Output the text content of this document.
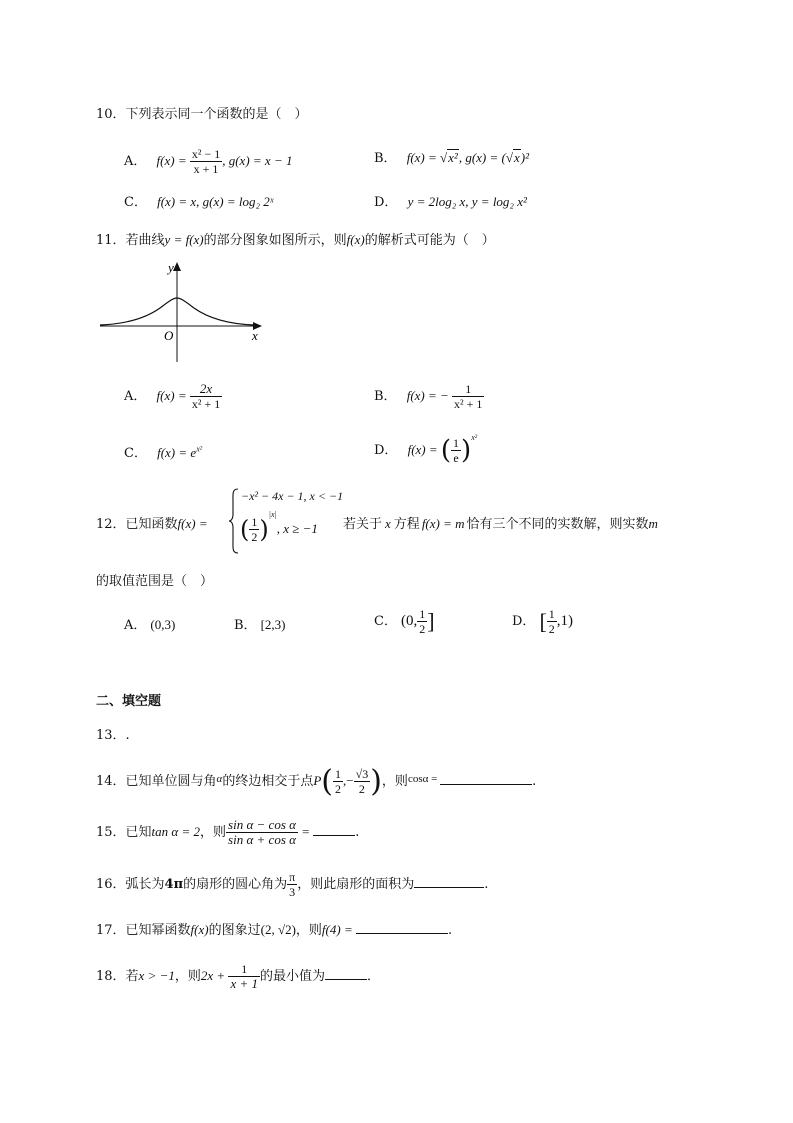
10．下列表示同一个函数的是（　）
A． $f(x) = \frac{\text{x² − 1}}{x + 1}$ , g(x) = x − 1	B． f(x) = √x², g(x) = (√x)²
C． f(x) = x, g(x) = log₂ 2ˣ	D． y = 2log₂ x, y = log₂ x²
11．若曲线y = f(x)的部分图象如图所示，则f(x)的解析式可能为（　）
y
x
O
A． $f(x) = \frac{2x}{\text{x² + 1}}$	B． f(x) = − $\frac{1}{\text{x² + 1}}$
C． $f(x) = e^{x^2}$	D． f(x) = ( $\frac{1}{e} )^{x^2}$
12．已知函数f(x) =
−x² − 4x − 1, x < −1
( $\frac{1}{2} )^{|x|}$, x ≥ −1 若关于 x 方程 f(x) = m 恰有三个不同的实数解，则实数m
的取值范围是（　）
A． (0,3)	B． [2,3)	C． (0, $\frac{1}{2}$ ]	D． [ $\frac{1}{2} ,1$)
二、填空题
13．.
14．已知单位圆与角$^\alpha$的终边相交于点$P( \frac{1}{2}$ ,− $\frac{√3}{2}$ )，则$^{cos\alpha =}$	.
15．已知tan α = 2，则 $\frac{\text{sin α − cos α}}{\text{sin α + cos α}}$ =	.
16．弧长为4π的扇形的圆心角为 $\frac{\pi}{3}$ ，则此扇形的面积为	.
17．已知幂函数f(x)的图象过(2, √2)，则f(4) =	.
18．若x > −1，则$2x + \frac{1}{x + 1}$ 的最小值为	．
